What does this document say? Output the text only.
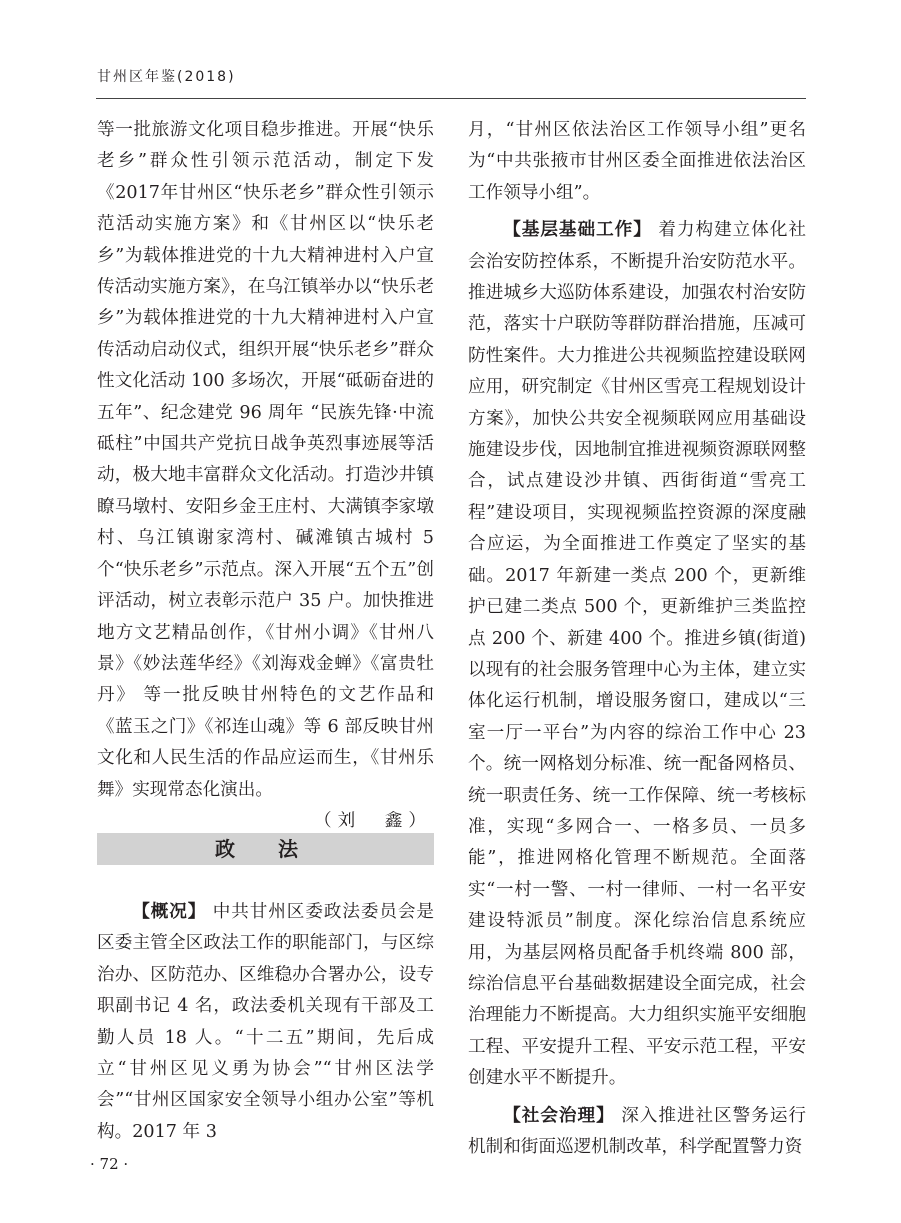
甘州区年鉴(2018)

等一批旅游文化项目稳步推进。开展“快乐老乡”群众性引领示范活动，制定下发《2017年甘州区“快乐老乡”群众性引领示范活动实施方案》和《甘州区以“快乐老乡”为载体推进党的十九大精神进村入户宣传活动实施方案》，在乌江镇举办以“快乐老乡”为载体推进党的十九大精神进村入户宣传活动启动仪式，组织开展“快乐老乡”群众性文化活动 100 多场次，开展“砥砺奋进的五年”、纪念建党 96 周年 “民族先锋·中流砥柱”中国共产党抗日战争英烈事迹展等活动，极大地丰富群众文化活动。打造沙井镇瞭马墩村、安阳乡金王庄村、大满镇李家墩村、乌江镇谢家湾村、碱滩镇古城村 5 个“快乐老乡”示范点。深入开展“五个五”创评活动，树立表彰示范户 35 户。加快推进地方文艺精品创作，《甘州小调》《甘州八景》《妙法莲华经》《刘海戏金蝉》《富贵牡丹》 等一批反映甘州特色的文艺作品和《蓝玉之门》《祁连山魂》等 6 部反映甘州文化和人民生活的作品应运而生，《甘州乐舞》实现常态化演出。

（刘　鑫）

政 法

【概况】 中共甘州区委政法委员会是区委主管全区政法工作的职能部门，与区综治办、区防范办、区维稳办合署办公，设专职副书记 4 名，政法委机关现有干部及工勤人员 18 人。“十二五”期间，先后成立“甘州区见义勇为协会”“甘州区法学会”“甘州区国家安全领导小组办公室”等机构。2017 年 3

月，“甘州区依法治区工作领导小组”更名为“中共张掖市甘州区委全面推进依法治区工作领导小组”。

【基层基础工作】 着力构建立体化社会治安防控体系，不断提升治安防范水平。推进城乡大巡防体系建设，加强农村治安防范，落实十户联防等群防群治措施，压减可防性案件。大力推进公共视频监控建设联网应用，研究制定《甘州区雪亮工程规划设计方案》，加快公共安全视频联网应用基础设施建设步伐，因地制宜推进视频资源联网整合，试点建设沙井镇、西街街道“雪亮工程”建设项目，实现视频监控资源的深度融合应运，为全面推进工作奠定了坚实的基础。2017 年新建一类点 200 个，更新维护已建二类点 500 个，更新维护三类监控点 200 个、新建 400 个。推进乡镇(街道)以现有的社会服务管理中心为主体，建立实体化运行机制，增设服务窗口，建成以“三室一厅一平台”为内容的综治工作中心 23 个。统一网格划分标准、统一配备网格员、统一职责任务、统一工作保障、统一考核标准，实现“多网合一、一格多员、一员多能”，推进网格化管理不断规范。全面落实“一村一警、一村一律师、一村一名平安建设特派员”制度。深化综治信息系统应用，为基层网格员配备手机终端 800 部，综治信息平台基础数据建设全面完成，社会治理能力不断提高。大力组织实施平安细胞工程、平安提升工程、平安示范工程，平安创建水平不断提升。

【社会治理】 深入推进社区警务运行机制和街面巡逻机制改革，科学配置警力资

· 72 ·
